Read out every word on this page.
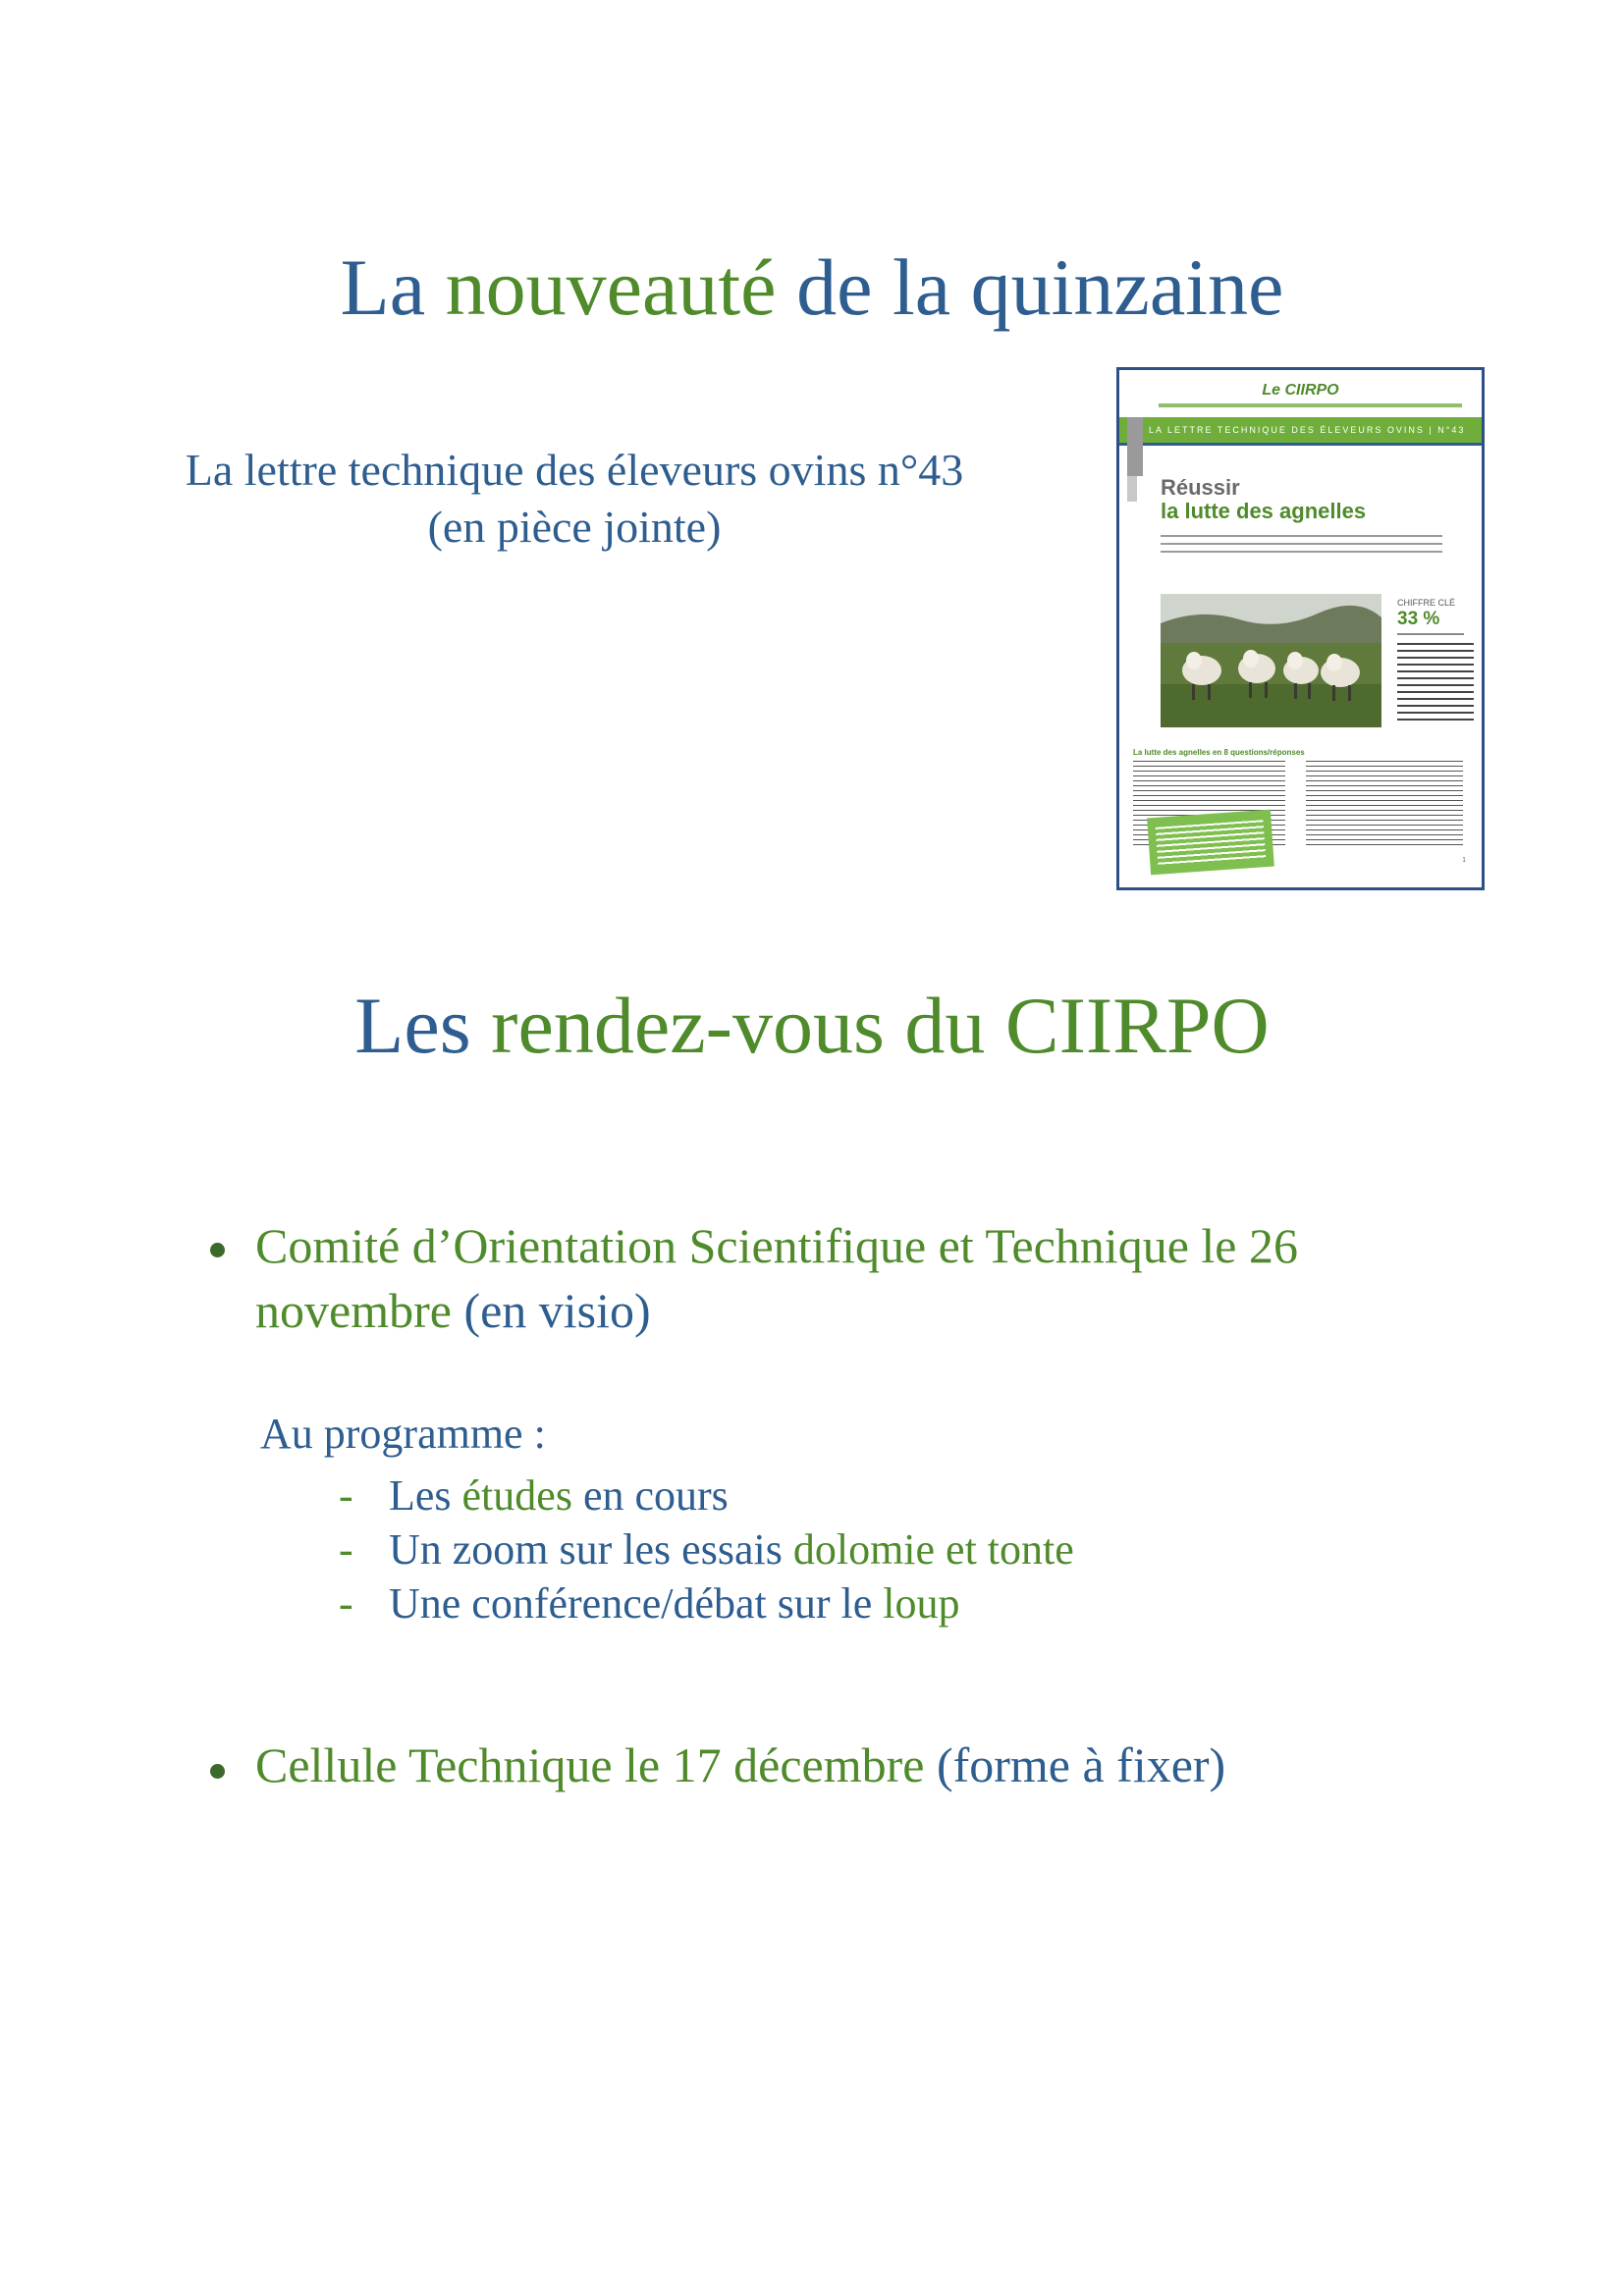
La nouveauté de la quinzaine
La lettre technique des éleveurs ovins n°43
(en pièce jointe)
Le CIIRPO
LA LETTRE TECHNIQUE DES ÉLEVEURS OVINS | N°43
Réussir
la lutte des agnelles
CHIFFRE CLÉ
33 %
La lutte des agnelles en 8 questions/réponses
1
Les rendez-vous du CIIRPO
Comité d’Orientation Scientifique et Technique le 26
novembre (en visio)
Au programme :
- Les études en cours
- Un zoom sur les essais dolomie et tonte
- Une conférence/débat sur le loup
Cellule Technique le 17 décembre (forme à fixer)
